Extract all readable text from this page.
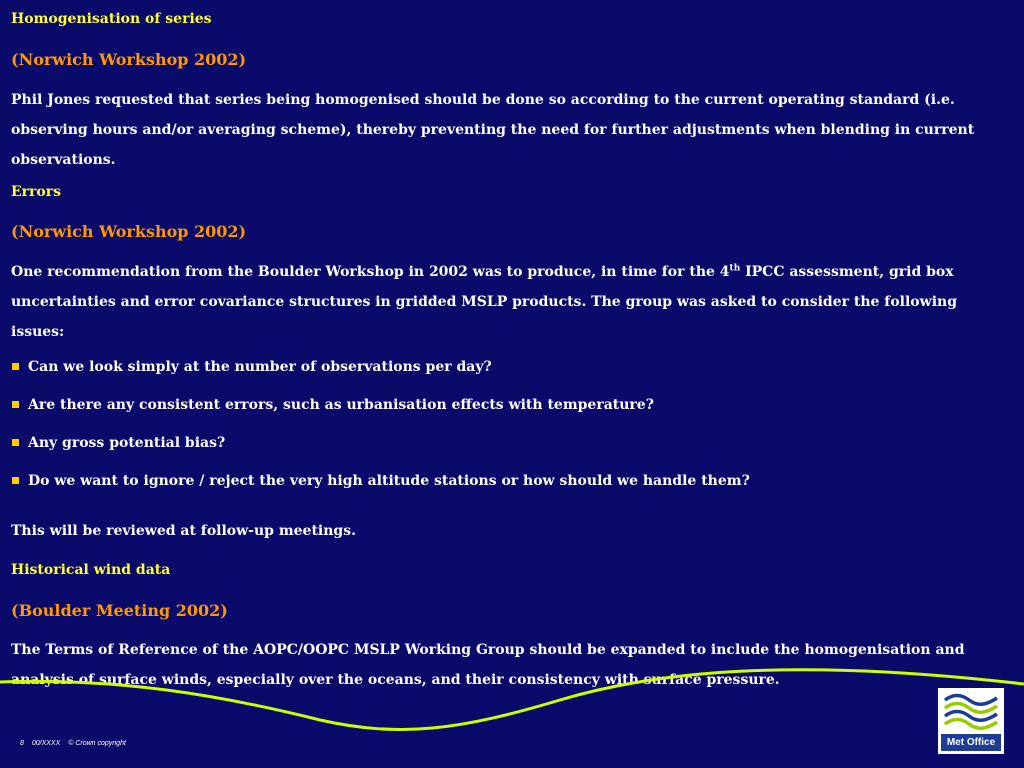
Homogenisation of series

(Norwich Workshop 2002)

Phil Jones requested that series being homogenised should be done so according to the current operating standard (i.e. observing hours and/or averaging scheme), thereby preventing the need for further adjustments when blending in current observations.

Errors

(Norwich Workshop 2002)

One recommendation from the Boulder Workshop in 2002 was to produce, in time for the 4th IPCC assessment, grid box uncertainties and error covariance structures in gridded MSLP products. The group was asked to consider the following issues:

Can we look simply at the number of observations per day?

Are there any consistent errors, such as urbanisation effects with temperature?

Any gross potential bias?

Do we want to ignore / reject the very high altitude stations or how should we handle them?

This will be reviewed at follow-up meetings.

Historical wind data

(Boulder Meeting 2002)

The Terms of Reference of the AOPC/OOPC MSLP Working Group should be expanded to include the homogenisation and analysis of surface winds, especially over the oceans, and their consistency with surface pressure.

8 00/XXXX © Crown copyright	Met Office
